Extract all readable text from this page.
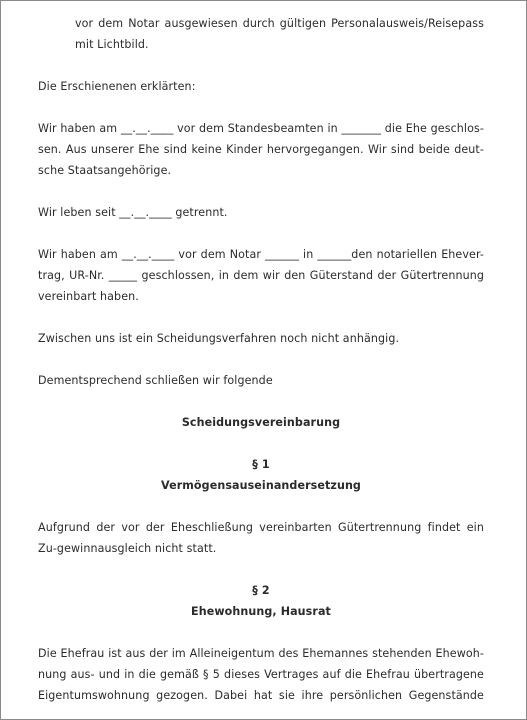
vor dem Notar ausgewiesen durch gültigen Personalausweis/Reisepass
mit Lichtbild.

Die Erschienenen erklärten:

Wir haben am __.__.____ vor dem Standesbeamten in _______ die Ehe geschlos-sen. Aus unserer Ehe sind keine Kinder hervorgegangen. Wir sind beide deut-sche Staatsangehörige.

Wir leben seit __.__.____ getrennt.

Wir haben am __.__.____ vor dem Notar ______ in ______den notariellen Ehever-trag, UR-Nr. _____ geschlossen, in dem wir den Güterstand der Gütertrennung vereinbart haben.

Zwischen uns ist ein Scheidungsverfahren noch nicht anhängig.

Dementsprechend schließen wir folgende

Scheidungsvereinbarung

§ 1

Vermögensauseinandersetzung

Aufgrund der vor der Eheschließung vereinbarten Gütertrennung findet ein Zu-gewinnausgleich nicht statt.

§ 2

Ehewohnung, Hausrat

Die Ehefrau ist aus der im Alleineigentum des Ehemannes stehenden Ehewoh-nung aus- und in die gemäß § 5 dieses Vertrages auf die Ehefrau übertragene Eigentumswohnung gezogen. Dabei hat sie ihre persönlichen Gegenstände
